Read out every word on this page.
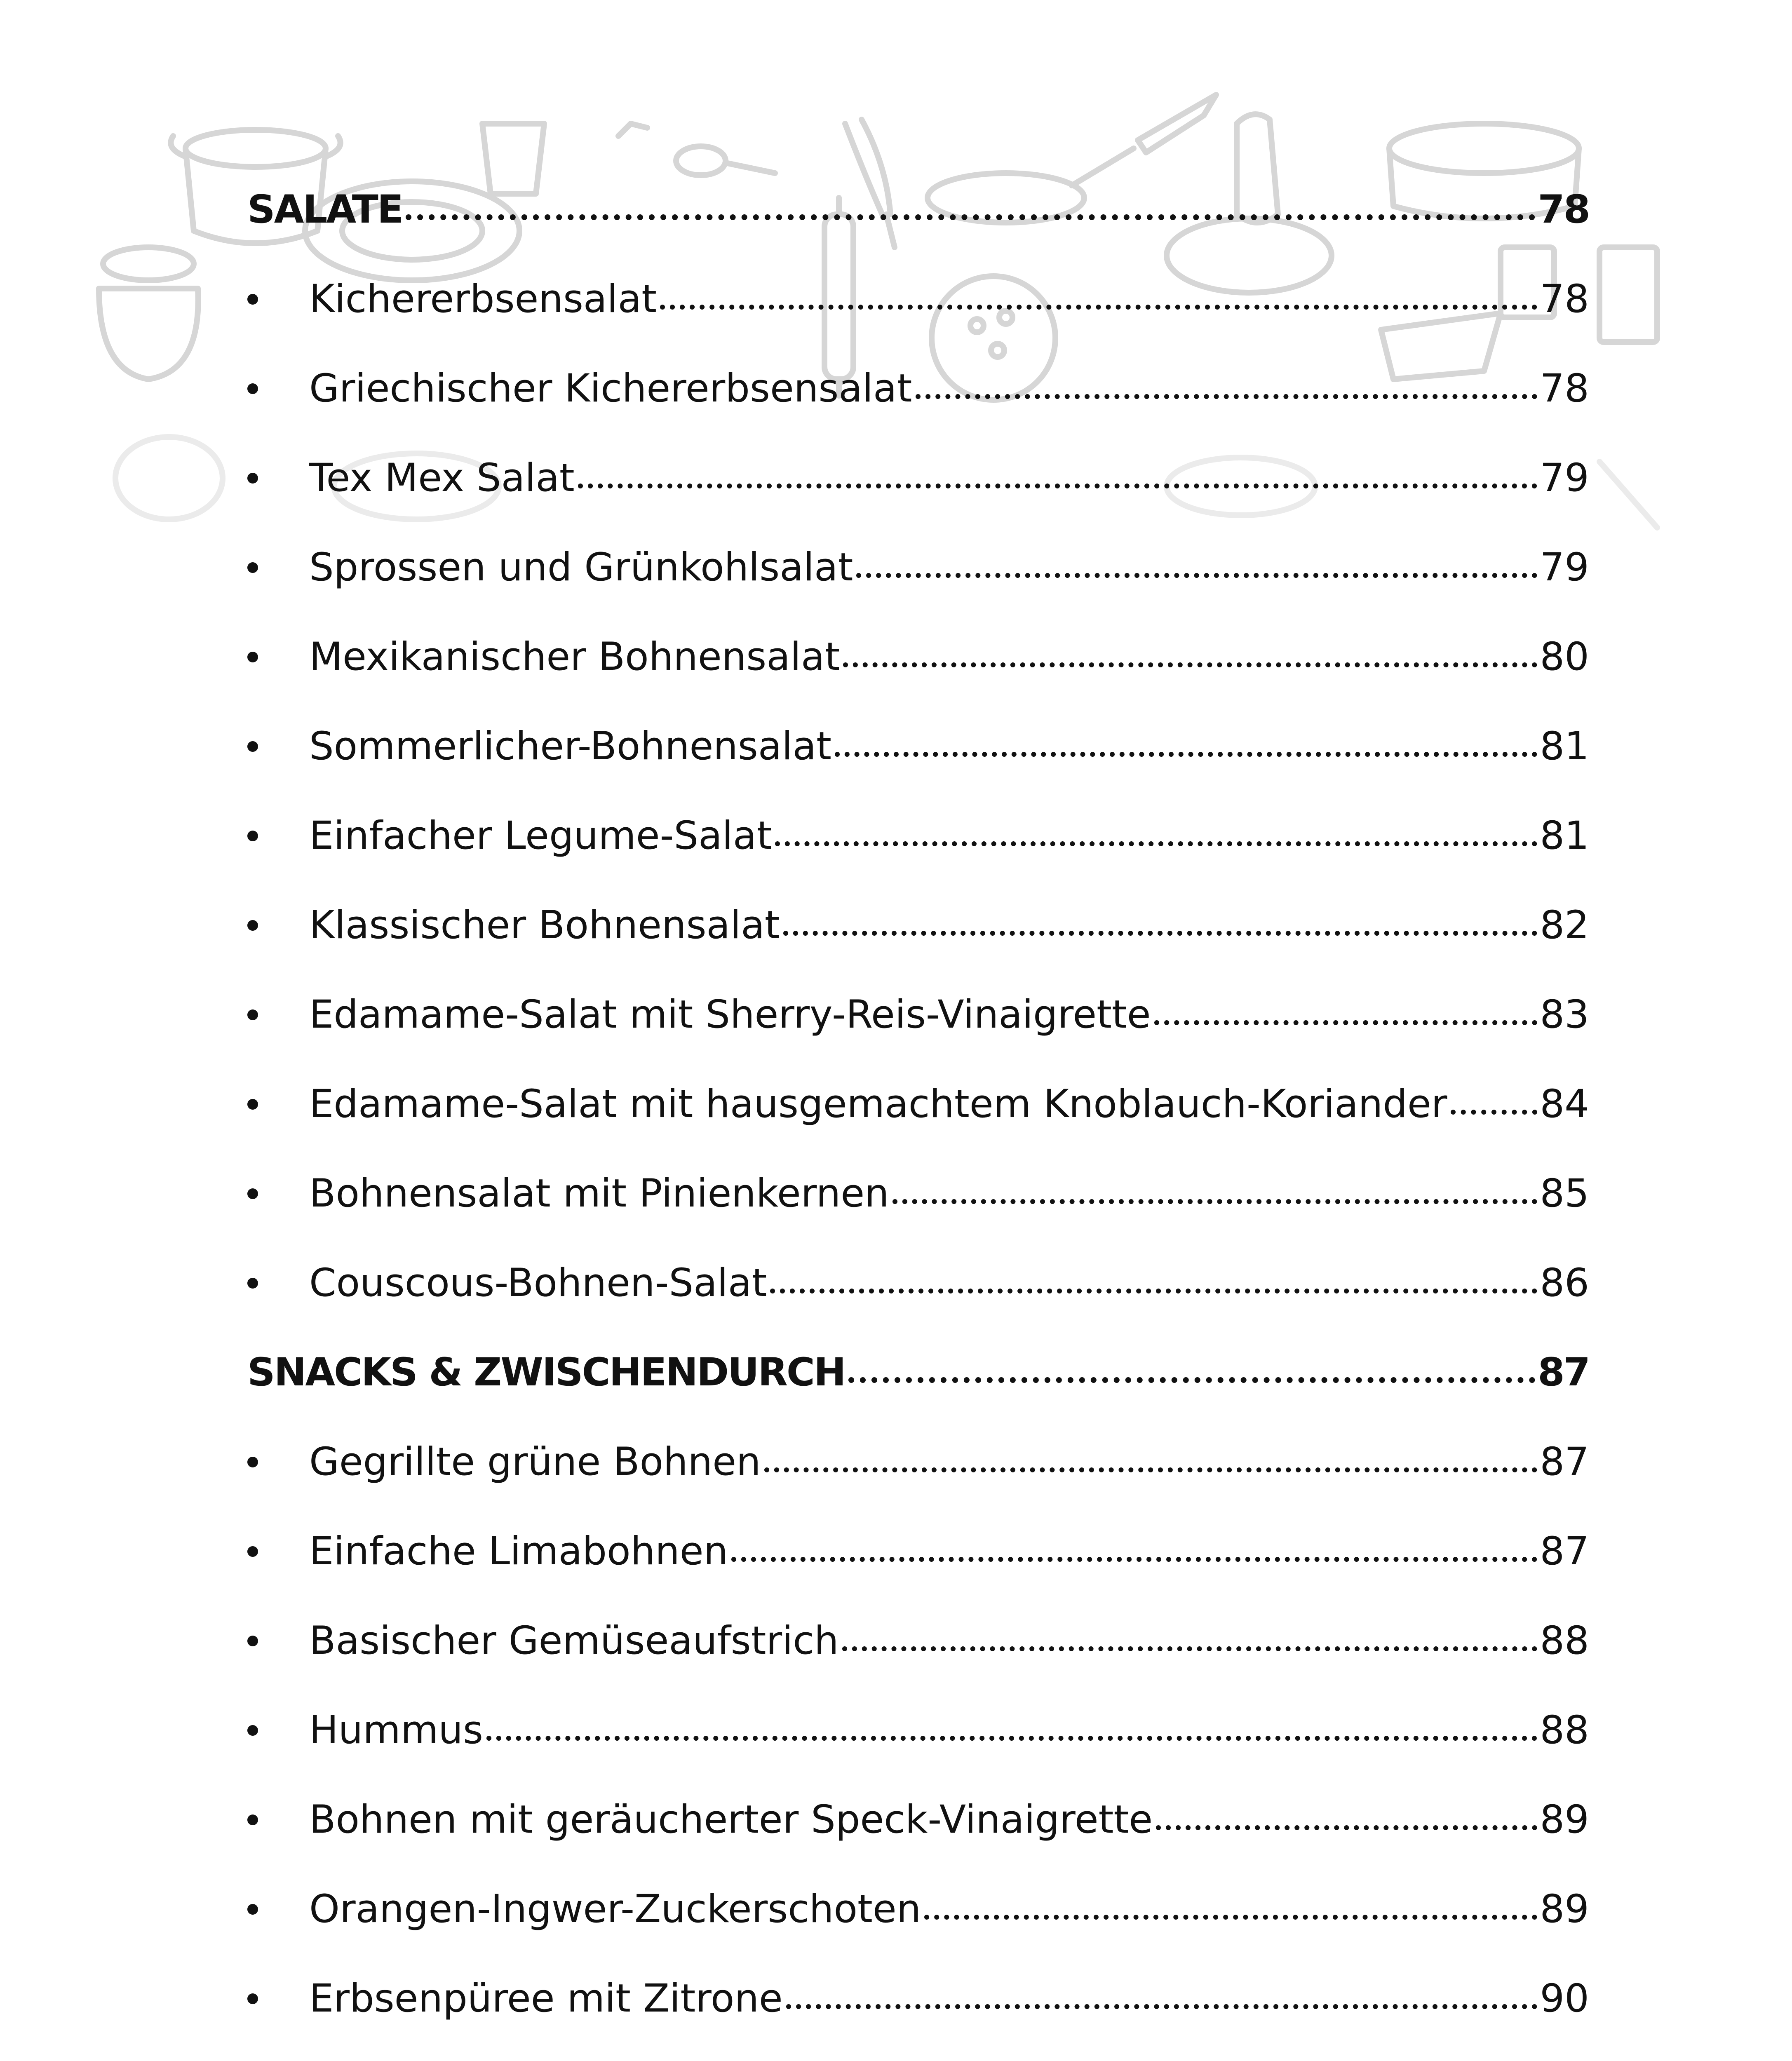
SALATE	78
Kichererbsensalat	78
Griechischer Kichererbsensalat	78
Tex Mex Salat	79
Sprossen und Grünkohlsalat	79
Mexikanischer Bohnensalat	80
Sommerlicher-Bohnensalat	81
Einfacher Legume-Salat	81
Klassischer Bohnensalat	82
Edamame-Salat mit Sherry-Reis-Vinaigrette	83
Edamame-Salat mit hausgemachtem Knoblauch-Koriander 84
Bohnensalat mit Pinienkernen	85
Couscous-Bohnen-Salat	86
SNACKS & ZWISCHENDURCH	87
Gegrillte grüne Bohnen	87
Einfache Limabohnen	87
Basischer Gemüseaufstrich	88
Hummus	88
Bohnen mit geräucherter Speck-Vinaigrette	89
Orangen-Ingwer-Zuckerschoten	89
Erbsenpüree mit Zitrone	90
